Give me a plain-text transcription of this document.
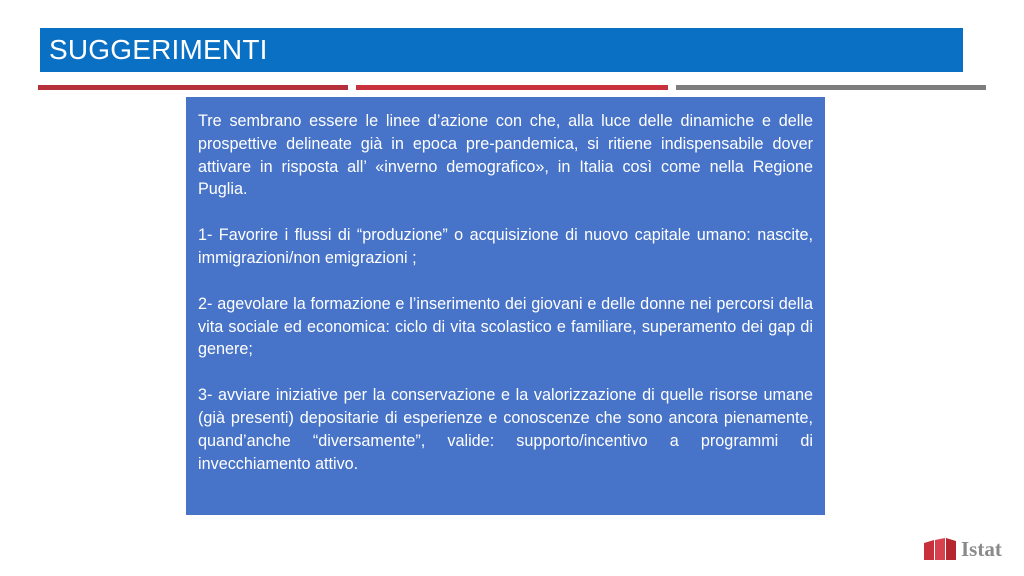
SUGGERIMENTI

Tre sembrano essere le linee d’azione con che, alla luce delle dinamiche e delle prospettive delineate già in epoca pre-pandemica, si ritiene indispensabile dover attivare in risposta all’ «inverno demografico», in Italia così come nella Regione Puglia.

1- Favorire i flussi di “produzione” o acquisizione di nuovo capitale umano: nascite, immigrazioni/non emigrazioni ;

2- agevolare la formazione e l’inserimento dei giovani e delle donne nei percorsi della vita sociale ed economica: ciclo di vita scolastico e familiare, superamento dei gap di genere;

3- avviare iniziative per la conservazione e la valorizzazione di quelle risorse umane (già presenti) depositarie di esperienze e conoscenze che sono ancora pienamente, quand’anche “diversamente”, valide: supporto/incentivo a programmi di invecchiamento attivo.

Istat
